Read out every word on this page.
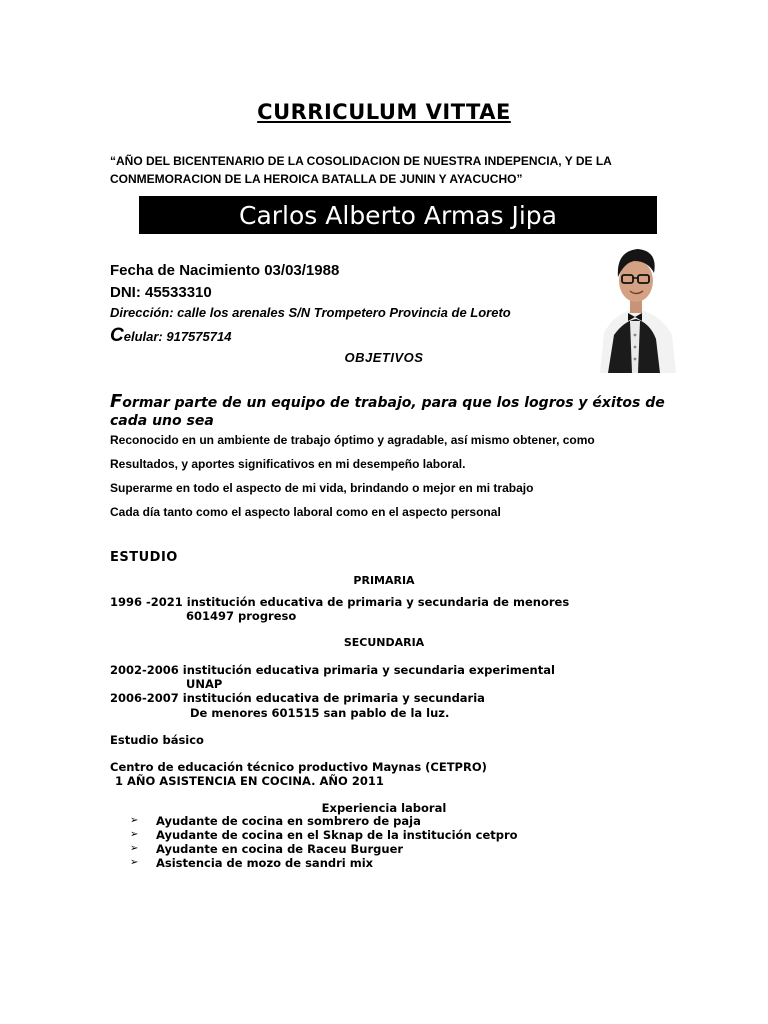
CURRICULUM VITTAE
“AÑO DEL BICENTENARIO DE LA COSOLIDACION DE NUESTRA INDEPENCIA, Y DE LA CONMEMORACION DE LA HEROICA BATALLA DE JUNIN Y AYACUCHO”
Carlos Alberto Armas Jipa
Fecha de Nacimiento 03/03/1988
DNI: 45533310
Dirección: calle los arenales S/N Trompetero Provincia de Loreto
Celular: 917575714
OBJETIVOS
Formar parte de un equipo de trabajo, para que los logros y éxitos de cada uno sea
Reconocido en un ambiente de trabajo óptimo y agradable, así mismo obtener, como
Resultados, y aportes significativos en mi desempeño laboral.
Superarme en todo el aspecto de mi vida, brindando o mejor en mi trabajo
Cada día tanto como el aspecto laboral como en el aspecto personal
ESTUDIO
PRIMARIA
1996 -2021 institución educativa de primaria y secundaria de menores
601497 progreso
SECUNDARIA
2002-2006 institución educativa primaria y secundaria experimental
UNAP
2006-2007 institución educativa de primaria y secundaria
De menores 601515 san pablo de la luz.
Estudio básico
Centro de educación técnico productivo Maynas (CETPRO)
1 AÑO ASISTENCIA EN COCINA. AÑO 2011
Experiencia laboral
➢	Ayudante de cocina en sombrero de paja
➢	Ayudante de cocina en el Sknap de la institución cetpro
➢	Ayudante en cocina de Raceu Burguer
➢	Asistencia de mozo de sandri mix
